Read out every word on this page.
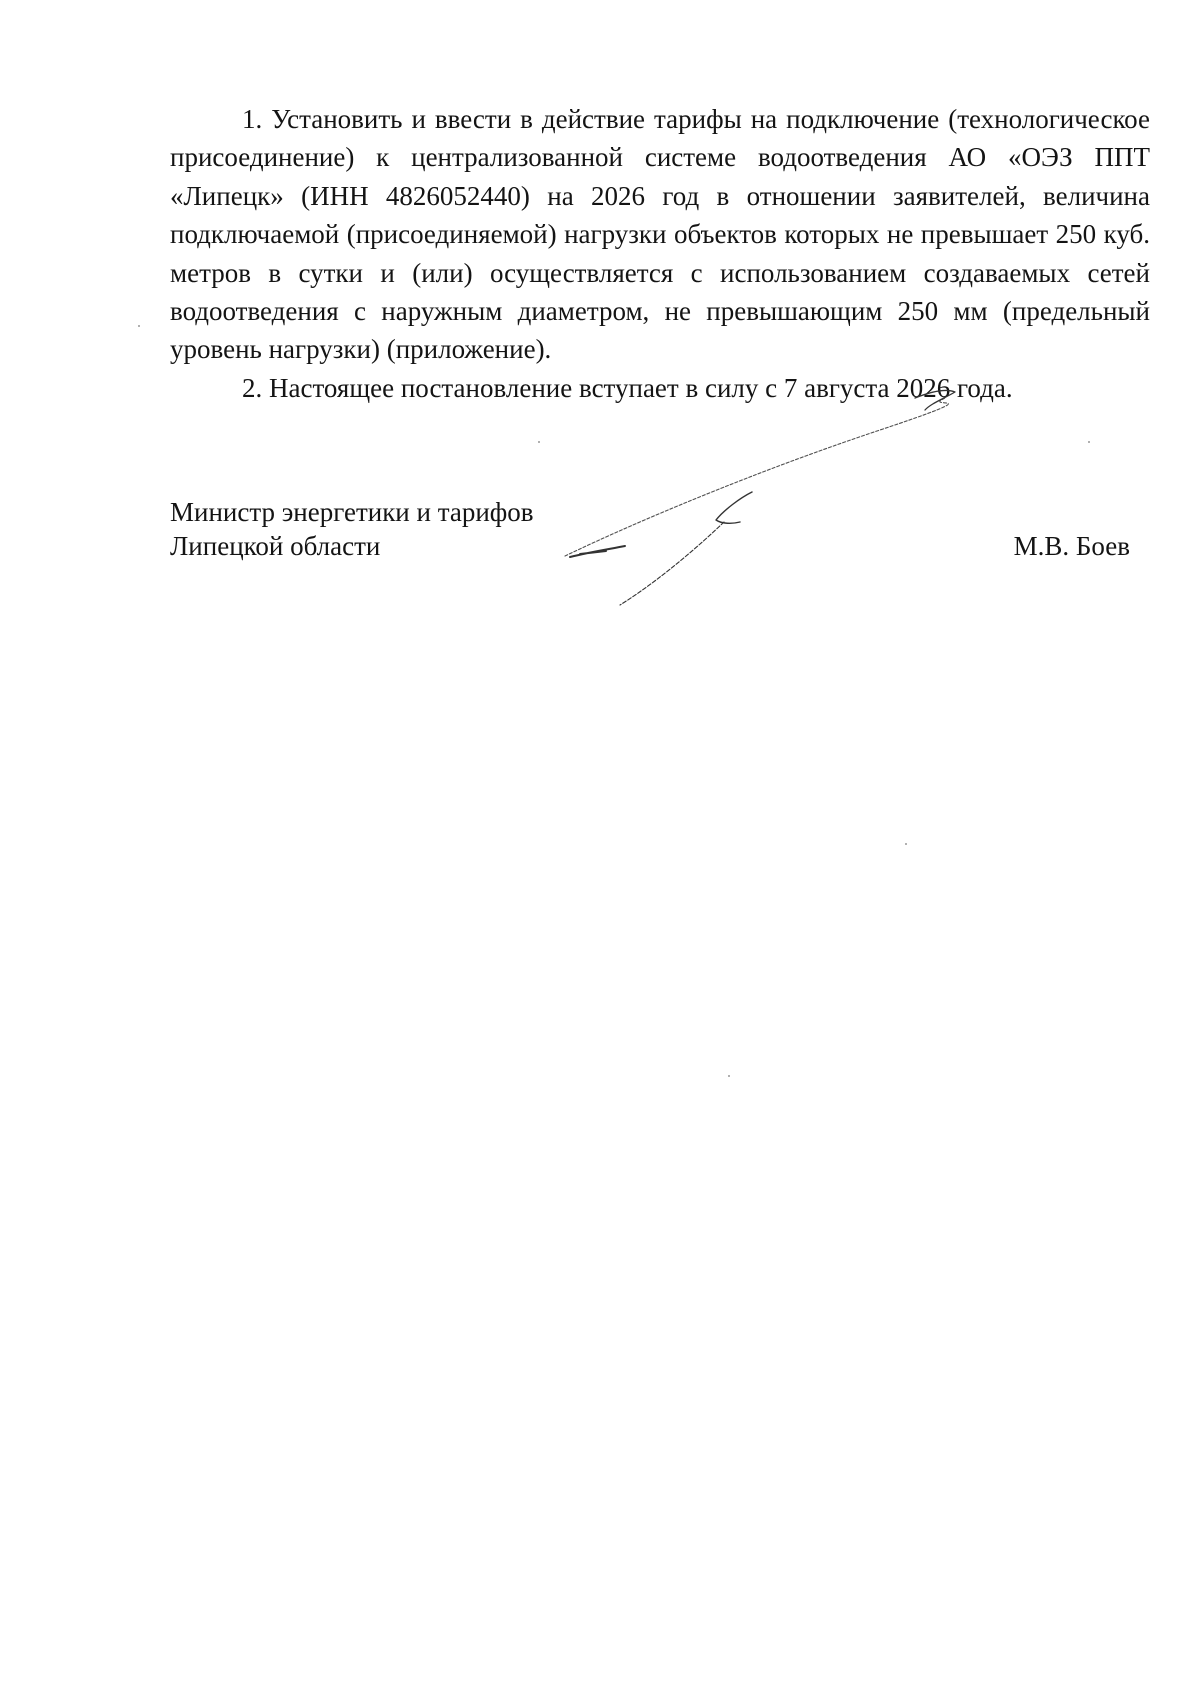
1. Установить и ввести в действие тарифы на подключение (технологическое присоединение) к централизованной системе водоотведения АО «ОЭЗ ППТ «Липецк» (ИНН 4826052440) на 2026 год в отношении заявителей, величина подключаемой (присоединяемой) нагрузки объектов которых не превышает 250 куб. метров в сутки и (или) осуществляется с использованием создаваемых сетей водоотведения с наружным диаметром, не превышающим 250 мм (предельный уровень нагрузки) (приложение).

2. Настоящее постановление вступает в силу с 7 августа 2026 года.

Министр энергетики и тарифов
Липецкой области	М.В. Боев
